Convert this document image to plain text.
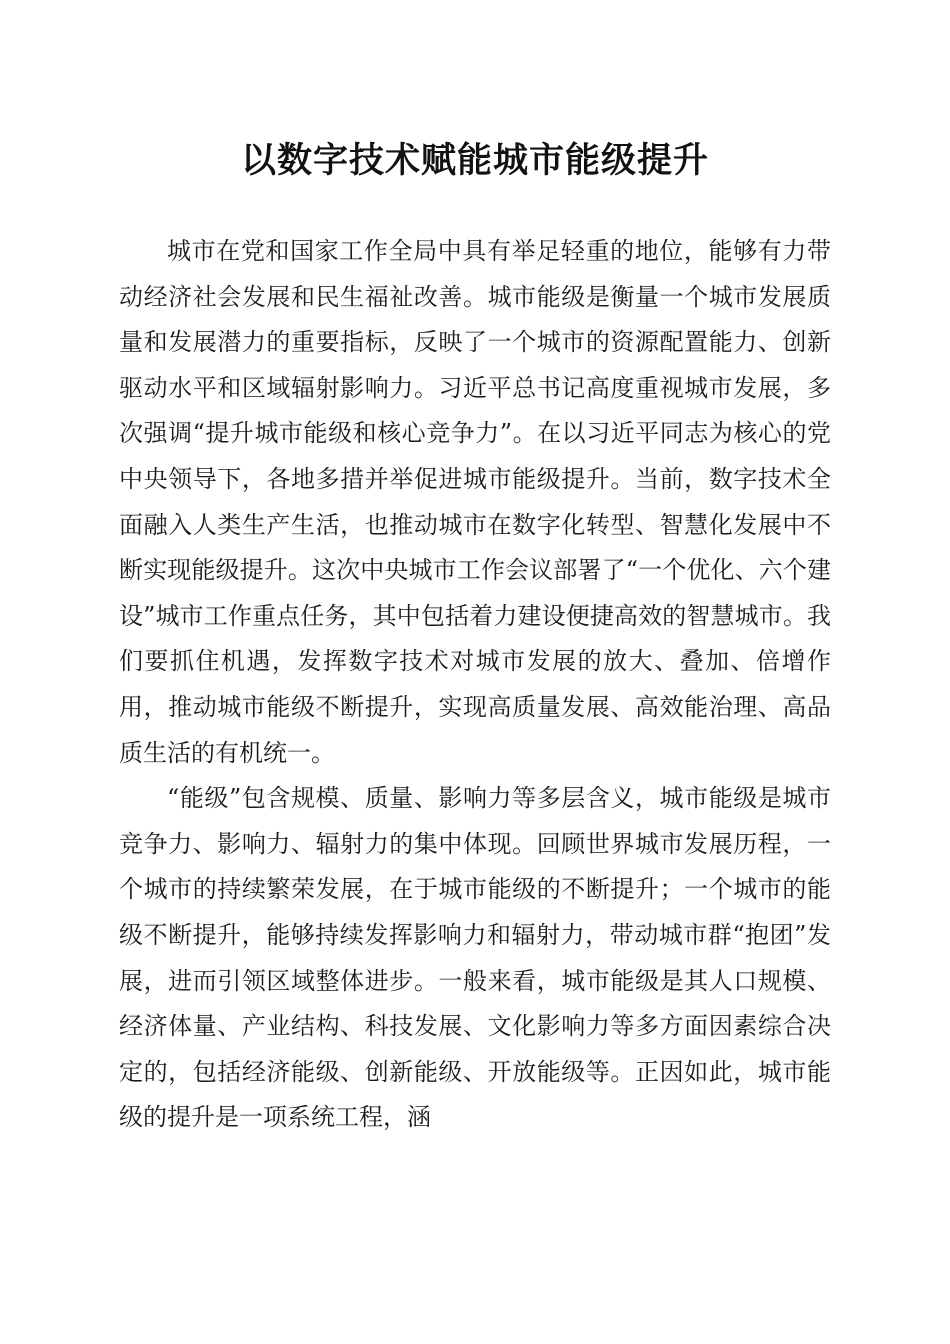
以数字技术赋能城市能级提升

城市在党和国家工作全局中具有举足轻重的地位，能够有力带动经济社会发展和民生福祉改善。城市能级是衡量一个城市发展质量和发展潜力的重要指标，反映了一个城市的资源配置能力、创新驱动水平和区域辐射影响力。习近平总书记高度重视城市发展，多次强调“提升城市能级和核心竞争力”。在以习近平同志为核心的党中央领导下，各地多措并举促进城市能级提升。当前，数字技术全面融入人类生产生活，也推动城市在数字化转型、智慧化发展中不断实现能级提升。这次中央城市工作会议部署了“一个优化、六个建设”城市工作重点任务，其中包括着力建设便捷高效的智慧城市。我们要抓住机遇，发挥数字技术对城市发展的放大、叠加、倍增作用，推动城市能级不断提升，实现高质量发展、高效能治理、高品质生活的有机统一。

“能级”包含规模、质量、影响力等多层含义，城市能级是城市竞争力、影响力、辐射力的集中体现。回顾世界城市发展历程，一个城市的持续繁荣发展，在于城市能级的不断提升；一个城市的能级不断提升，能够持续发挥影响力和辐射力，带动城市群“抱团”发展，进而引领区域整体进步。一般来看，城市能级是其人口规模、经济体量、产业结构、科技发展、文化影响力等多方面因素综合决定的，包括经济能级、创新能级、开放能级等。正因如此，城市能级的提升是一项系统工程，涵
